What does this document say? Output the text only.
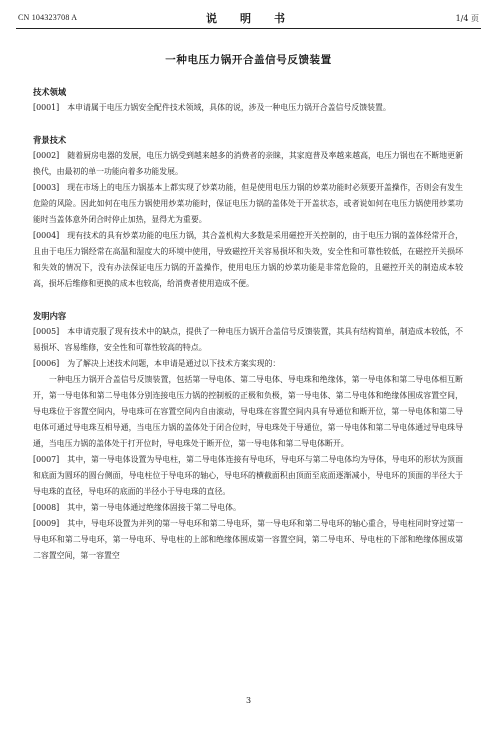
CN 104323708 A	说　明　书	1/4 页
一种电压力锅开合盖信号反馈装置
技术领域

[0001] 本申请属于电压力锅安全配件技术领域，具体的说，涉及一种电压力锅开合盖信号反馈装置。

背景技术

[0002] 随着厨房电器的发展，电压力锅受到越来越多的消费者的亲睐，其家庭普及率越来越高，电压力锅也在不断地更新换代，由最初的单一功能向着多功能发展。

[0003] 现在市场上的电压力锅基本上都实现了炒菜功能，但是使用电压力锅的炒菜功能时必须要开盖操作，否则会有发生危险的风险。因此如何在电压力锅使用炒菜功能时，保证电压力锅的盖体处于开盖状态，或者说如何在电压力锅使用炒菜功能时当盖体意外闭合时停止加热，显得尤为重要。

[0004] 现有技术的具有炒菜功能的电压力锅，其合盖机构大多数是采用磁控开关控制的，由于电压力锅的盖体经常开合，且由于电压力锅经常在高温和湿度大的环境中使用，导致磁控开关容易损坏和失效，安全性和可靠性较低，在磁控开关损坏和失效的情况下，没有办法保证电压力锅的开盖操作，使用电压力锅的炒菜功能是非常危险的，且磁控开关的制造成本较高，损坏后维修和更换的成本也较高，给消费者使用造成不便。

发明内容

[0005] 本申请克服了现有技术中的缺点，提供了一种电压力锅开合盖信号反馈装置，其具有结构简单，制造成本较低，不易损坏、容易维修，安全性和可靠性较高的特点。

[0006] 为了解决上述技术问题，本申请是通过以下技术方案实现的：

一种电压力锅开合盖信号反馈装置，包括第一导电体、第二导电体、导电珠和绝缘体，第一导电体和第二导电体相互断开，第一导电体和第二导电体分别连接电压力锅的控制板的正极和负极，第一导电体、第二导电体和绝缘体围成容置空间，导电珠位于容置空间内，导电珠可在容置空间内自由滚动，导电珠在容置空间内具有导通位和断开位，第一导电体和第二导电体可通过导电珠互相导通，当电压力锅的盖体处于闭合位时，导电珠处于导通位，第一导电体和第二导电体通过导电珠导通，当电压力锅的盖体处于打开位时，导电珠处于断开位，第一导电体和第二导电体断开。

[0007] 其中，第一导电体设置为导电柱，第二导电体连接有导电环，导电环与第二导电体均为导体，导电环的形状为顶面和底面为圆环的圆台侧面，导电柱位于导电环的轴心，导电环的横截面积由顶面至底面逐渐减小，导电环的顶面的半径大于导电珠的直径，导电环的底面的半径小于导电珠的直径。

[0008] 其中，第一导电体通过绝缘体固接于第二导电体。

[0009] 其中，导电环设置为并列的第一导电环和第二导电环，第一导电环和第二导电环的轴心重合，导电柱同时穿过第一导电环和第二导电环，第一导电环、导电柱的上部和绝缘体围成第一容置空间，第二导电环、导电柱的下部和绝缘体围成第二容置空间，第一容置空

3
